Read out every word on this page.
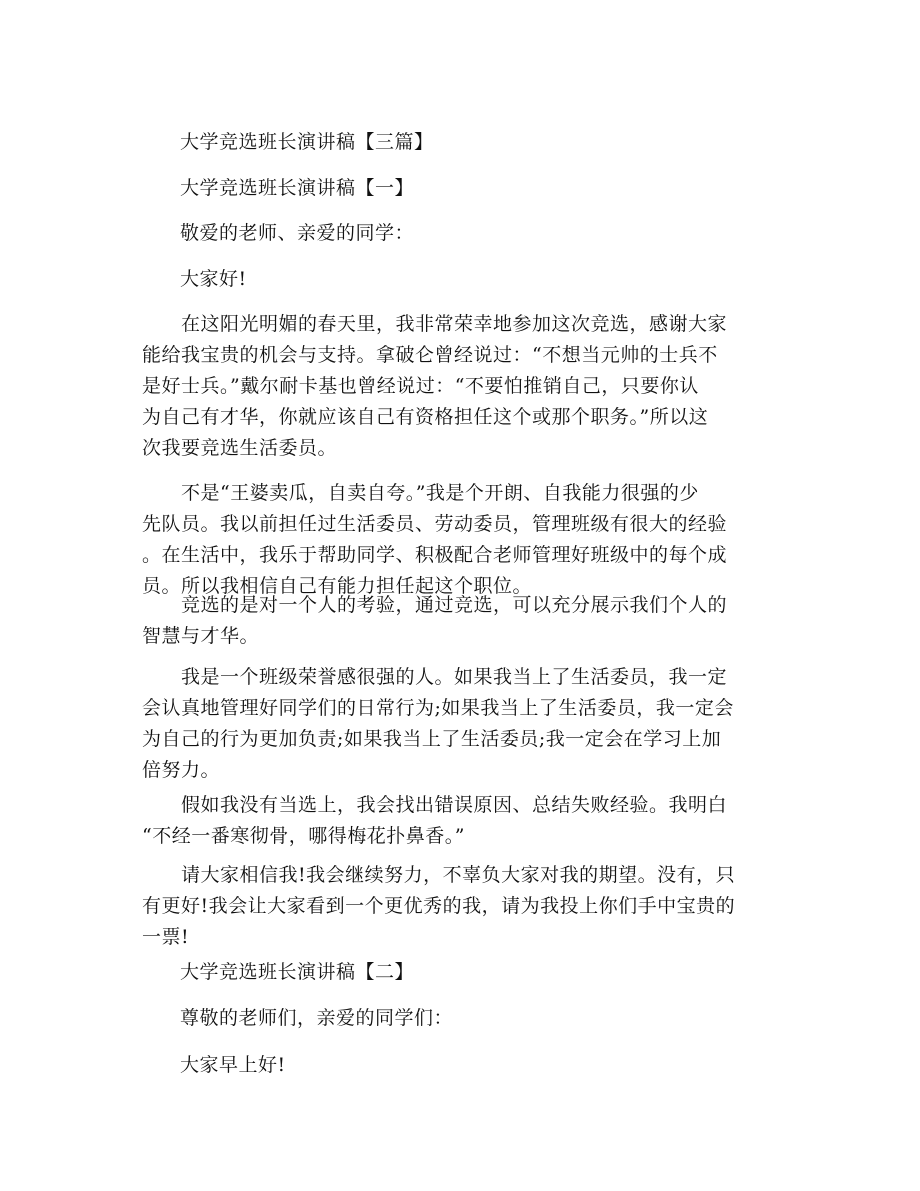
大学竞选班长演讲稿【三篇】

大学竞选班长演讲稿【一】

敬爱的老师、亲爱的同学：

大家好!

　　在这阳光明媚的春天里，我非常荣幸地参加这次竞选，感谢大家
能给我宝贵的机会与支持。拿破仑曾经说过：“不想当元帅的士兵不
是好士兵。”戴尔耐卡基也曾经说过：“不要怕推销自己，只要你认
为自己有才华，你就应该自己有资格担任这个或那个职务。”所以这
次我要竞选生活委员。

　　不是“王婆卖瓜，自卖自夸。”我是个开朗、自我能力很强的少
先队员。我以前担任过生活委员、劳动委员，管理班级有很大的经验
。在生活中，我乐于帮助同学、积极配合老师管理好班级中的每个成
员。所以我相信自己有能力担任起这个职位。

　　竞选的是对一个人的考验，通过竞选，可以充分展示我们个人的
智慧与才华。

　　我是一个班级荣誉感很强的人。如果我当上了生活委员，我一定
会认真地管理好同学们的日常行为;如果我当上了生活委员，我一定会
为自己的行为更加负责;如果我当上了生活委员;我一定会在学习上加
倍努力。

　　假如我没有当选上，我会找出错误原因、总结失败经验。我明白
“不经一番寒彻骨，哪得梅花扑鼻香。”

　　请大家相信我!我会继续努力，不辜负大家对我的期望。没有，只
有更好!我会让大家看到一个更优秀的我，请为我投上你们手中宝贵的
一票!

大学竞选班长演讲稿【二】

尊敬的老师们，亲爱的同学们：

大家早上好!
